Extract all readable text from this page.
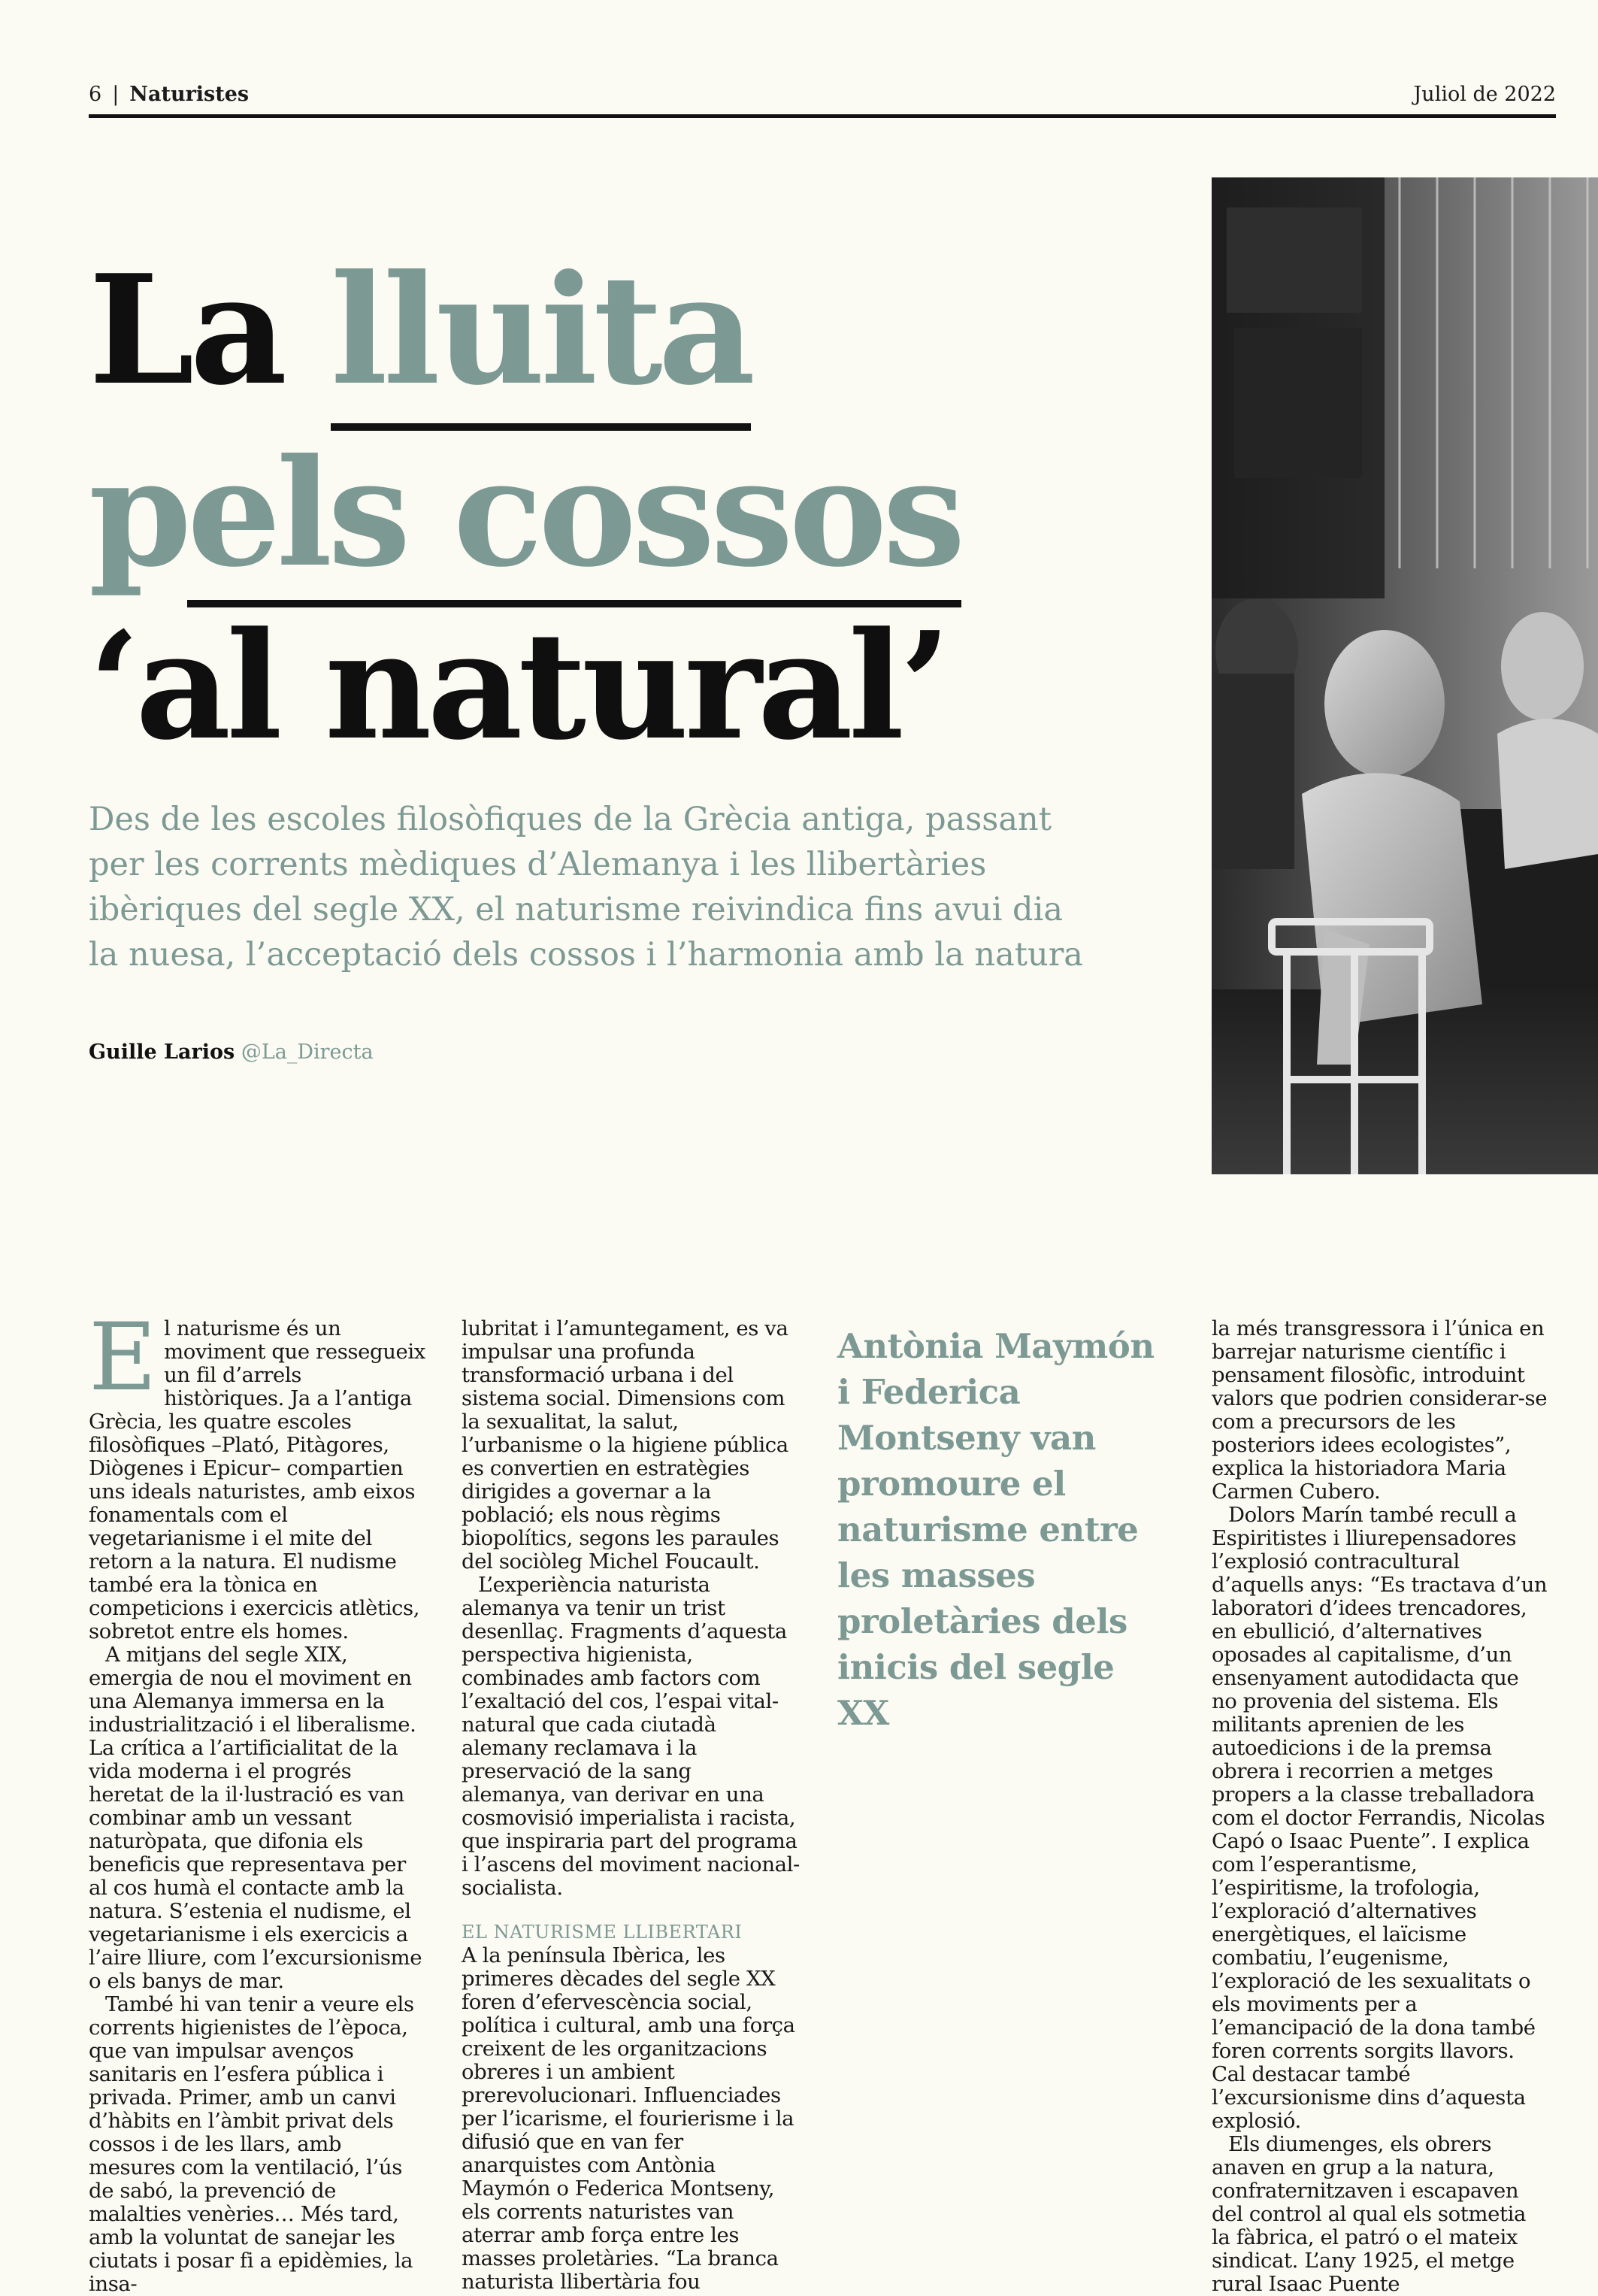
6 | Naturistes	Juliol de 2022
La lluita
pels cossos
‘al natural’
Des de les escoles filosòfiques de la Grècia antiga, passant per les corrents mèdiques d’Alemanya i les llibertàries ibèriques del segle XX, el naturisme reivindica fins avui dia la nuesa, l’acceptació dels cossos i l’harmonia amb la natura
Guille Larios @La_Directa
E l naturisme és un moviment que ressegueix un fil d’arrels històriques. Ja a l’antiga Grècia, les quatre escoles filosòfiques –Plató, Pitàgores, Diògenes i Epicur– compartien uns ideals naturistes, amb eixos fonamentals com el vegetarianisme i el mite del retorn a la natura. El nudisme també era la tònica en competicions i exercicis atlètics, sobretot entre els homes.

A mitjans del segle XIX, emergia de nou el moviment en una Alemanya immersa en la industrialització i el liberalisme. La crítica a l’artificialitat de la vida moderna i el progrés heretat de la il·lustració es van combinar amb un vessant naturòpata, que difonia els beneficis que representava per al cos humà el contacte amb la natura. S’estenia el nudisme, el vegetarianisme i els exercicis a l’aire lliure, com l’excursionisme o els banys de mar.

També hi van tenir a veure els corrents higienistes de l’època, que van impulsar avenços sanitaris en l’esfera pública i privada. Primer, amb un canvi d’hàbits en l’àmbit privat dels cossos i de les llars, amb mesures com la ventilació, l’ús de sabó, la prevenció de malalties venèries… Més tard, amb la voluntat de sanejar les ciutats i posar fi a epidèmies, la insa-

lubritat i l’amuntegament, es va impulsar una profunda transformació urbana i del sistema social. Dimensions com la sexualitat, la salut, l’urbanisme o la higiene pública es convertien en estratègies dirigides a governar a la població; els nous règims biopolítics, segons les paraules del sociòleg Michel Foucault.

L’experiència naturista alemanya va tenir un trist desenllaç. Fragments d’aquesta perspectiva higienista, combinades amb factors com l’exaltació del cos, l’espai vital-natural que cada ciutadà alemany reclamava i la preservació de la sang alemanya, van derivar en una cosmovisió imperialista i racista, que inspiraria part del programa i l’ascens del moviment nacional-socialista.

EL NATURISME LLIBERTARI

A la península Ibèrica, les primeres dècades del segle XX foren d’efervescència social, política i cultural, amb una força creixent de les organitzacions obreres i un ambient prerevolucionari. Influenciades per l’icarisme, el fourierisme i la difusió que en van fer anarquistes com Antònia Maymón o Federica Montseny, els corrents naturistes van aterrar amb força entre les masses proletàries. “La branca naturista llibertària fou

Antònia Maymón i Federica Montseny van promoure el naturisme entre les masses proletàries dels inicis del segle XX

la més transgressora i l’única en barrejar naturisme científic i pensament filosòfic, introduint valors que podrien considerar-se com a precursors de les posteriors idees ecologistes”, explica la historiadora Maria Carmen Cubero.

Dolors Marín també recull a Espiritistes i lliurepensadores l’explosió contracultural d’aquells anys: “Es tractava d’un laboratori d’idees trencadores, en ebullició, d’alternatives oposades al capitalisme, d’un ensenyament autodidacta que no provenia del sistema. Els militants aprenien de les autoedicions i de la premsa obrera i recorrien a metges propers a la classe treballadora com el doctor Ferrandis, Nicolas Capó o Isaac Puente”. I explica com l’esperantisme, l’espiritisme, la trofologia, l’exploració d’alternatives energètiques, el laïcisme combatiu, l’eugenisme, l’exploració de les sexualitats o els moviments per a l’emancipació de la dona també foren corrents sorgits llavors. Cal destacar també l’excursionisme dins d’aquesta explosió.

Els diumenges, els obrers anaven en grup a la natura, confraternitzaven i escapaven del control al qual els sotmetia la fàbrica, el patró o el mateix sindicat. L’any 1925, el metge rural Isaac Puente
